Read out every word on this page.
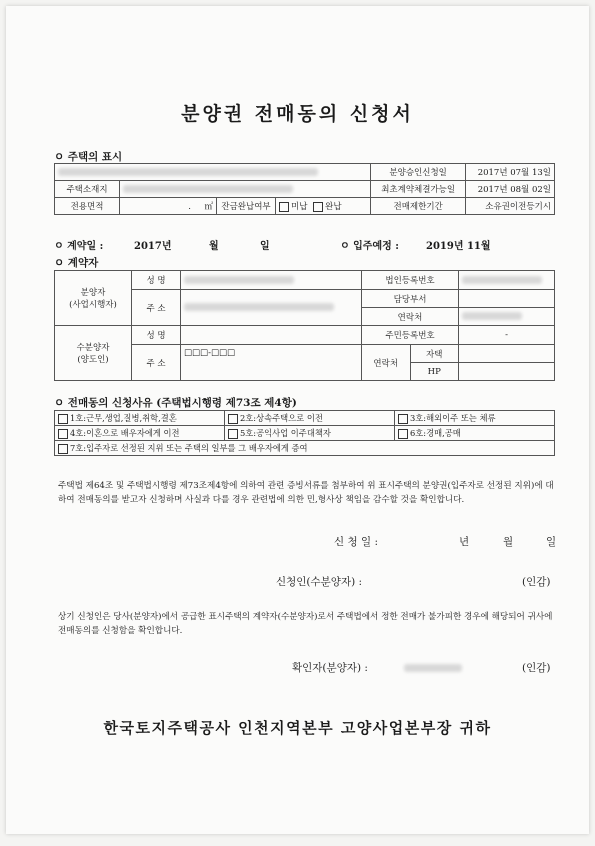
분양권 전매동의 신청서
ㅇ 주택의 표시
				분양승인신청일	2017년 07월 13일
주택소재지				최초계약체결가능일	2017년 08월 02일
전용면적	. ㎡	잔금완납여부	미납 완납	전매제한기간	소유권이전등기시
ㅇ 계약일 :	2017년	월	일	ㅇ 입주예정 :	2019년 11월
ㅇ 계약자
분양자
(사업시행자)	성 명		법인등록번호		
	주 소		담당부서		
			연락처		
수분양자
(양도인)	성 명		주민등록번호		-
	주 소	□□□-□□□	연락처	자택	
				HP	
ㅇ 전매동의 신청사유 (주택법시행령 제73조 제4항)
1호:근무,생업,질병,취학,결혼	2호:상속주택으로 이전	3호:해외이주 또는 체류
4호:이혼으로 배우자에게 이전	5호:공익사업 이주대책자	6호:경매,공매
7호:입주자로 선정된 지위 또는 주택의 일부를 그 배우자에게 증여		
주택법 제64조 및 주택법시행령 제73조제4항에 의하여 관련 증빙서류를 첨부하여 위 표시주택의 분양권(입주자로 선정된 지위)에 대하여 전매동의를 받고자 신청하며 사실과 다를 경우 관련법에 의한 민,형사상 책임을 감수할 것을 확인합니다.
신 청 일 :	년	월	일
신청인(수분양자) :	(인감)
상기 신청인은 당사(분양자)에서 공급한 표시주택의 계약자(수분양자)로서 주택법에서 정한 전매가 불가피한 경우에 해당되어 귀사에 전매동의를 신청함을 확인합니다.
확인자(분양자) :	(인감)
한국토지주택공사 인천지역본부 고양사업본부장 귀하
